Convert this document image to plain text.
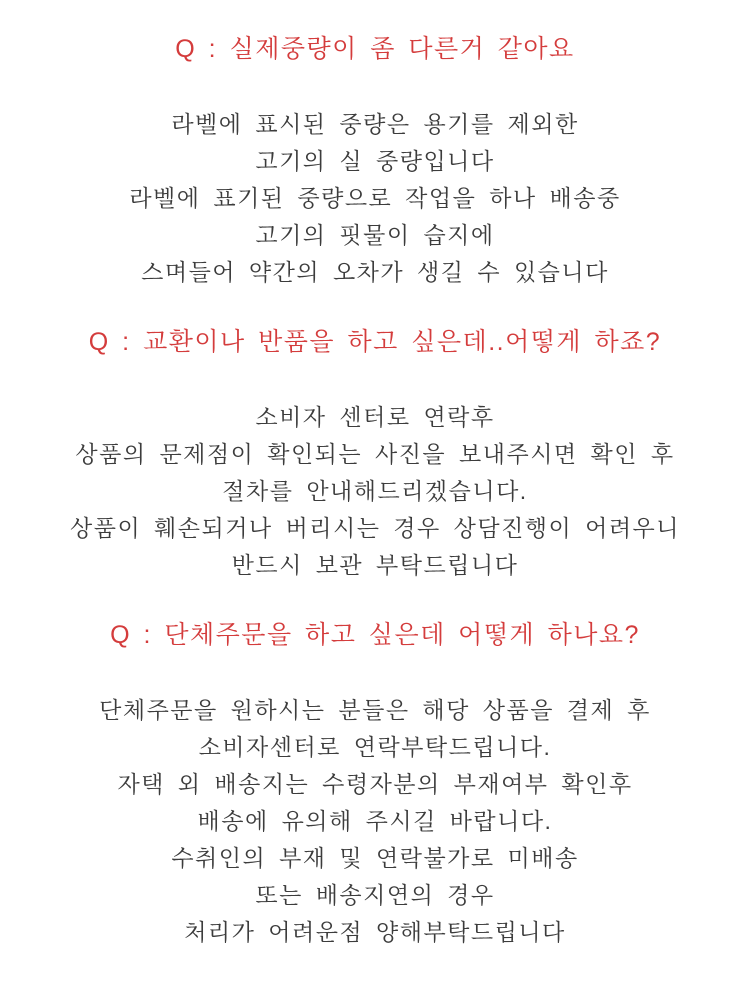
Q : 실제중량이 좀 다른거 같아요
라벨에 표시된 중량은 용기를 제외한
고기의 실 중량입니다
라벨에 표기된 중량으로 작업을 하나 배송중
고기의 핏물이 습지에
스며들어 약간의 오차가 생길 수 있습니다
Q : 교환이나 반품을 하고 싶은데..어떻게 하죠?
소비자 센터로 연락후
상품의 문제점이 확인되는 사진을 보내주시면 확인 후
절차를 안내해드리겠습니다.
상품이 훼손되거나 버리시는 경우 상담진행이 어려우니
반드시 보관 부탁드립니다
Q : 단체주문을 하고 싶은데 어떻게 하나요?
단체주문을 원하시는 분들은 해당 상품을 결제 후
소비자센터로 연락부탁드립니다.
자택 외 배송지는 수령자분의 부재여부 확인후
배송에 유의해 주시길 바랍니다.
수취인의 부재 및 연락불가로 미배송
또는 배송지연의 경우
처리가 어려운점 양해부탁드립니다
